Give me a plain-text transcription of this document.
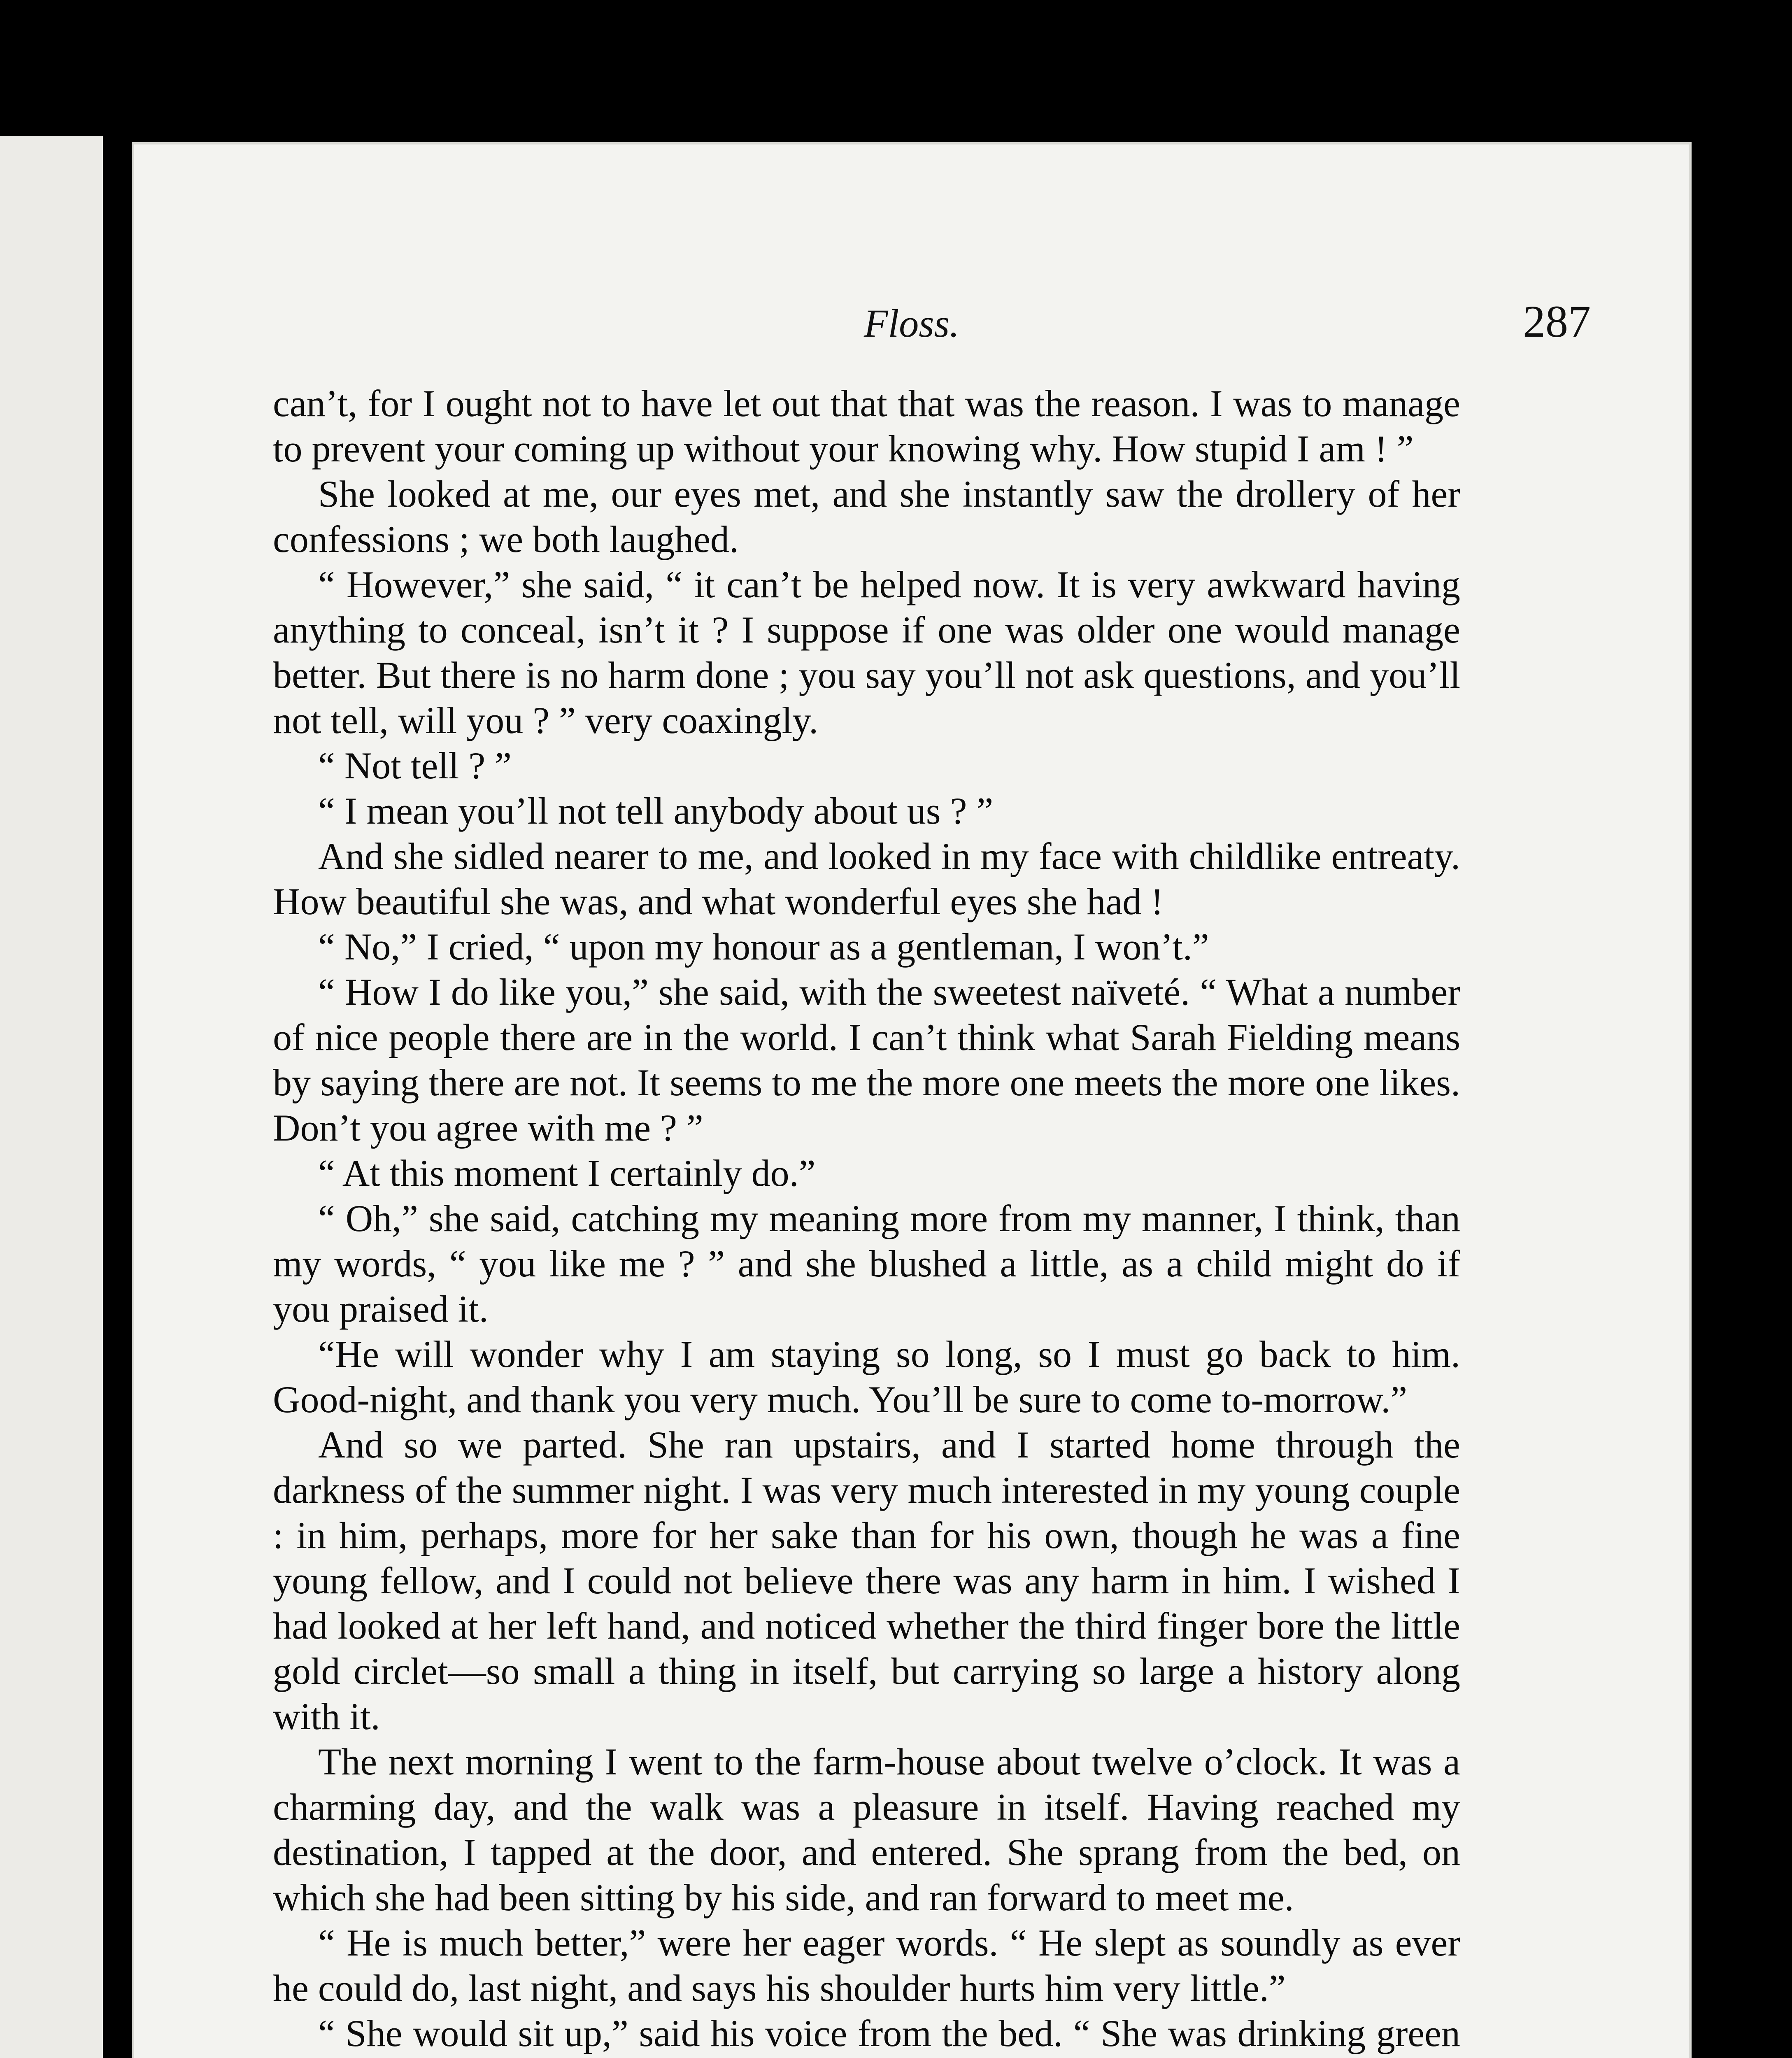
Floss.	287

can’t, for I ought not to have let out that that was the reason. I was to manage to prevent your coming up without your knowing why. How stupid I am ! ”

She looked at me, our eyes met, and she instantly saw the drollery of her confessions ; we both laughed.

“ However,” she said, “ it can’t be helped now. It is very awkward having anything to conceal, isn’t it ? I suppose if one was older one would manage better. But there is no harm done ; you say you’ll not ask questions, and you’ll not tell, will you ? ” very coaxingly.

“ Not tell ? ”

“ I mean you’ll not tell anybody about us ? ”

And she sidled nearer to me, and looked in my face with childlike entreaty. How beautiful she was, and what wonderful eyes she had !

“ No,” I cried, “ upon my honour as a gentleman, I won’t.”

“ How I do like you,” she said, with the sweetest naïveté. “ What a number of nice people there are in the world. I can’t think what Sarah Fielding means by saying there are not. It seems to me the more one meets the more one likes. Don’t you agree with me ? ”

“ At this moment I certainly do.”

“ Oh,” she said, catching my meaning more from my manner, I think, than my words, “ you like me ? ” and she blushed a little, as a child might do if you praised it.

“He will wonder why I am staying so long, so I must go back to him. Good-night, and thank you very much. You’ll be sure to come to-morrow.”

And so we parted. She ran upstairs, and I started home through the darkness of the summer night. I was very much interested in my young couple : in him, perhaps, more for her sake than for his own, though he was a fine young fellow, and I could not believe there was any harm in him. I wished I had looked at her left hand, and noticed whether the third finger bore the little gold circlet—so small a thing in itself, but carrying so large a history along with it.

The next morning I went to the farm-house about twelve o’clock. It was a charming day, and the walk was a pleasure in itself. Having reached my destination, I tapped at the door, and entered. She sprang from the bed, on which she had been sitting by his side, and ran forward to meet me.

“ He is much better,” were her eager words. “ He slept as soundly as ever he could do, last night, and says his shoulder hurts him very little.”

“ She would sit up,” said his voice from the bed. “ She was drinking green
